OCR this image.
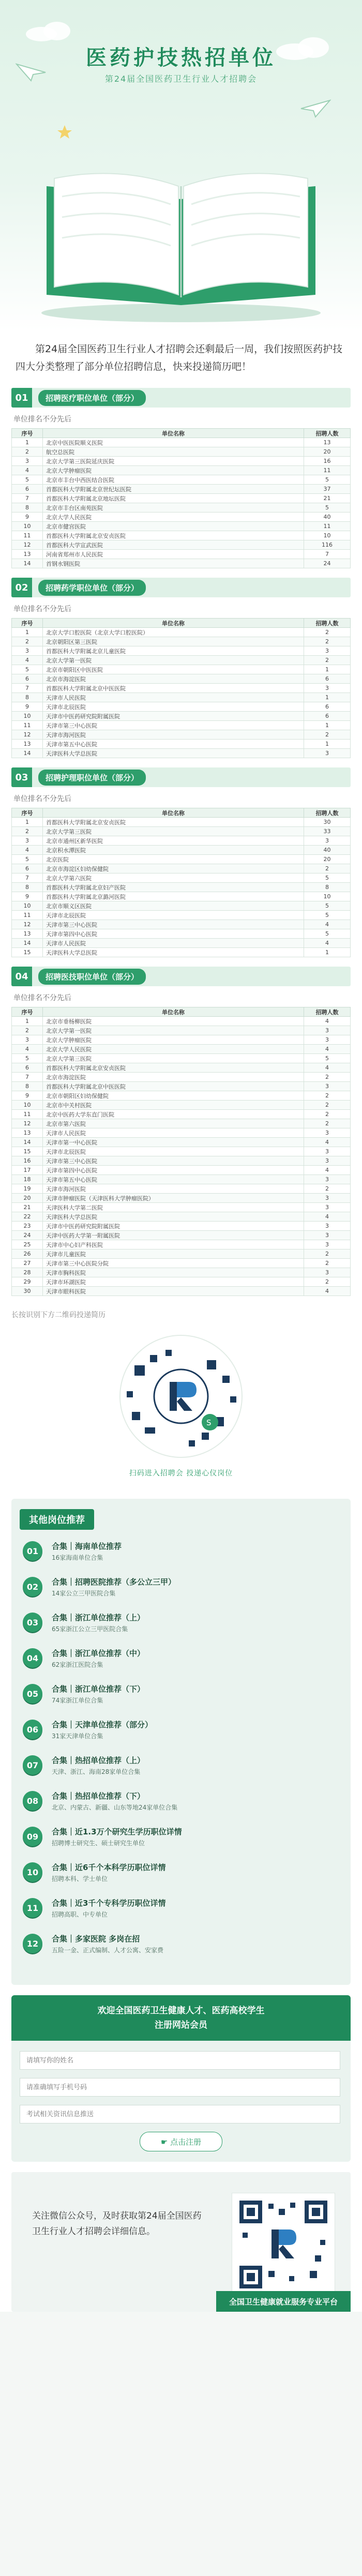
医药护技热招单位
第24届全国医药卫生行业人才招聘会
第24届全国医药卫生行业人才招聘会还剩最后一周，我们按照医药护技四大分类整理了部分单位招聘信息，快来投递简历吧！
01	招聘医疗职位单位（部分）
单位排名不分先后
序号	单位名称	招聘人数
1	北京中医医院顺义医院	13
2	航空总医院	20
3	北京大学第三医院延庆医院	16
4	北京大学肿瘤医院	11
5	北京市丰台中西医结合医院	5
6	首都医科大学附属北京世纪坛医院	37
7	首都医科大学附属北京地坛医院	21
8	北京市丰台区南苑医院	5
9	北京大学人民医院	40
10	北京市健宫医院	11
11	首都医科大学附属北京安贞医院	10
12	首都医科大学宣武医院	116
13	河南省郑州市人民医院	7
14	首钢水钢医院	24
02	招聘药学职位单位（部分）
单位排名不分先后
序号	单位名称	招聘人数
1	北京大学口腔医院（北京大学口腔医院）	2
2	北京朝阳区第三医院	2
3	首都医科大学附属北京儿童医院	3
4	北京大学第一医院	2
5	北京市朝阳区中医医院	1
6	北京市海淀医院	6
7	首都医科大学附属北京中医医院	3
8	天津市人民医院	1
9	天津市北辰医院	6
10	天津市中医药研究院附属医院	6
11	天津市第三中心医院	1
12	天津市海河医院	2
13	天津市第五中心医院	1
14	天津医科大学总医院	3
03	招聘护理职位单位（部分）
单位排名不分先后
序号	单位名称	招聘人数
1	首都医科大学附属北京安贞医院	30
2	北京大学第三医院	33
3	北京市通州区新华医院	3
4	北京积水潭医院	40
5	北京医院	20
6	北京市海淀区妇幼保健院	2
7	北京大学第六医院	5
8	首都医科大学附属北京妇产医院	8
9	首都医科大学附属北京潞河医院	10
10	北京市顺义区医院	5
11	天津市北辰医院	5
12	天津市第三中心医院	4
13	天津市第四中心医院	5
14	天津市人民医院	4
15	天津医科大学总医院	1
04	招聘医技职位单位（部分）
单位排名不分先后
序号	单位名称	招聘人数
1	北京市垂杨柳医院	4
2	北京大学第一医院	3
3	北京大学肿瘤医院	3
4	北京大学人民医院	4
5	北京大学第三医院	5
6	首都医科大学附属北京安贞医院	4
7	北京市海淀医院	2
8	首都医科大学附属北京中医医院	3
9	北京市朝阳区妇幼保健院	2
10	北京市中关村医院	2
11	北京中医药大学东直门医院	2
12	北京市第六医院	2
13	天津市人民医院	3
14	天津市第一中心医院	4
15	天津市北辰医院	3
16	天津市第三中心医院	3
17	天津市第四中心医院	4
18	天津市第五中心医院	3
19	天津市海河医院	2
20	天津市肿瘤医院（天津医科大学肿瘤医院）	3
21	天津医科大学第二医院	3
22	天津医科大学总医院	4
23	天津市中医药研究院附属医院	3
24	天津中医药大学第一附属医院	3
25	天津市中心妇产科医院	3
26	天津市儿童医院	2
27	天津市第三中心医院分院	2
28	天津市胸科医院	3
29	天津市环湖医院	2
30	天津市眼科医院	4
长按识别下方二维码投递简历
S
扫码进入招聘会 投递心仪岗位
其他岗位推荐
01	合集｜海南单位推荐
16家海南单位合集
02	合集｜招聘医院推荐（多公立三甲）
14家公立三甲医院合集
03	合集｜浙江单位推荐（上）
65家浙江公立三甲医院合集
04	合集｜浙江单位推荐（中）
62家浙江医院合集
05	合集｜浙江单位推荐（下）
74家浙江单位合集
06	合集｜天津单位推荐（部分）
31家天津单位合集
07	合集｜热招单位推荐（上）
天津、浙江、海南28家单位合集
08	合集｜热招单位推荐（下）
北京、内蒙古、新疆、山东等地24家单位合集
09	合集｜近1.3万个研究生学历职位详情
招聘博士研究生、硕士研究生单位
10	合集｜近6千个本科学历职位详情
招聘本科、学士单位
11	合集｜近3千个专科学历职位详情
招聘高职、中专单位
12	合集｜多家医院 多岗在招
五险一金、正式编制、人才公寓、安家费
欢迎全国医药卫生健康人才、医药高校学生
注册网站会员
请填写你的姓名
请准确填写手机号码
考试相关资讯信息推送
☛ 点击注册
关注微信公众号，及时获取第24届全国医药卫生行业人才招聘会详细信息。
全国卫生健康就业服务专业平台
